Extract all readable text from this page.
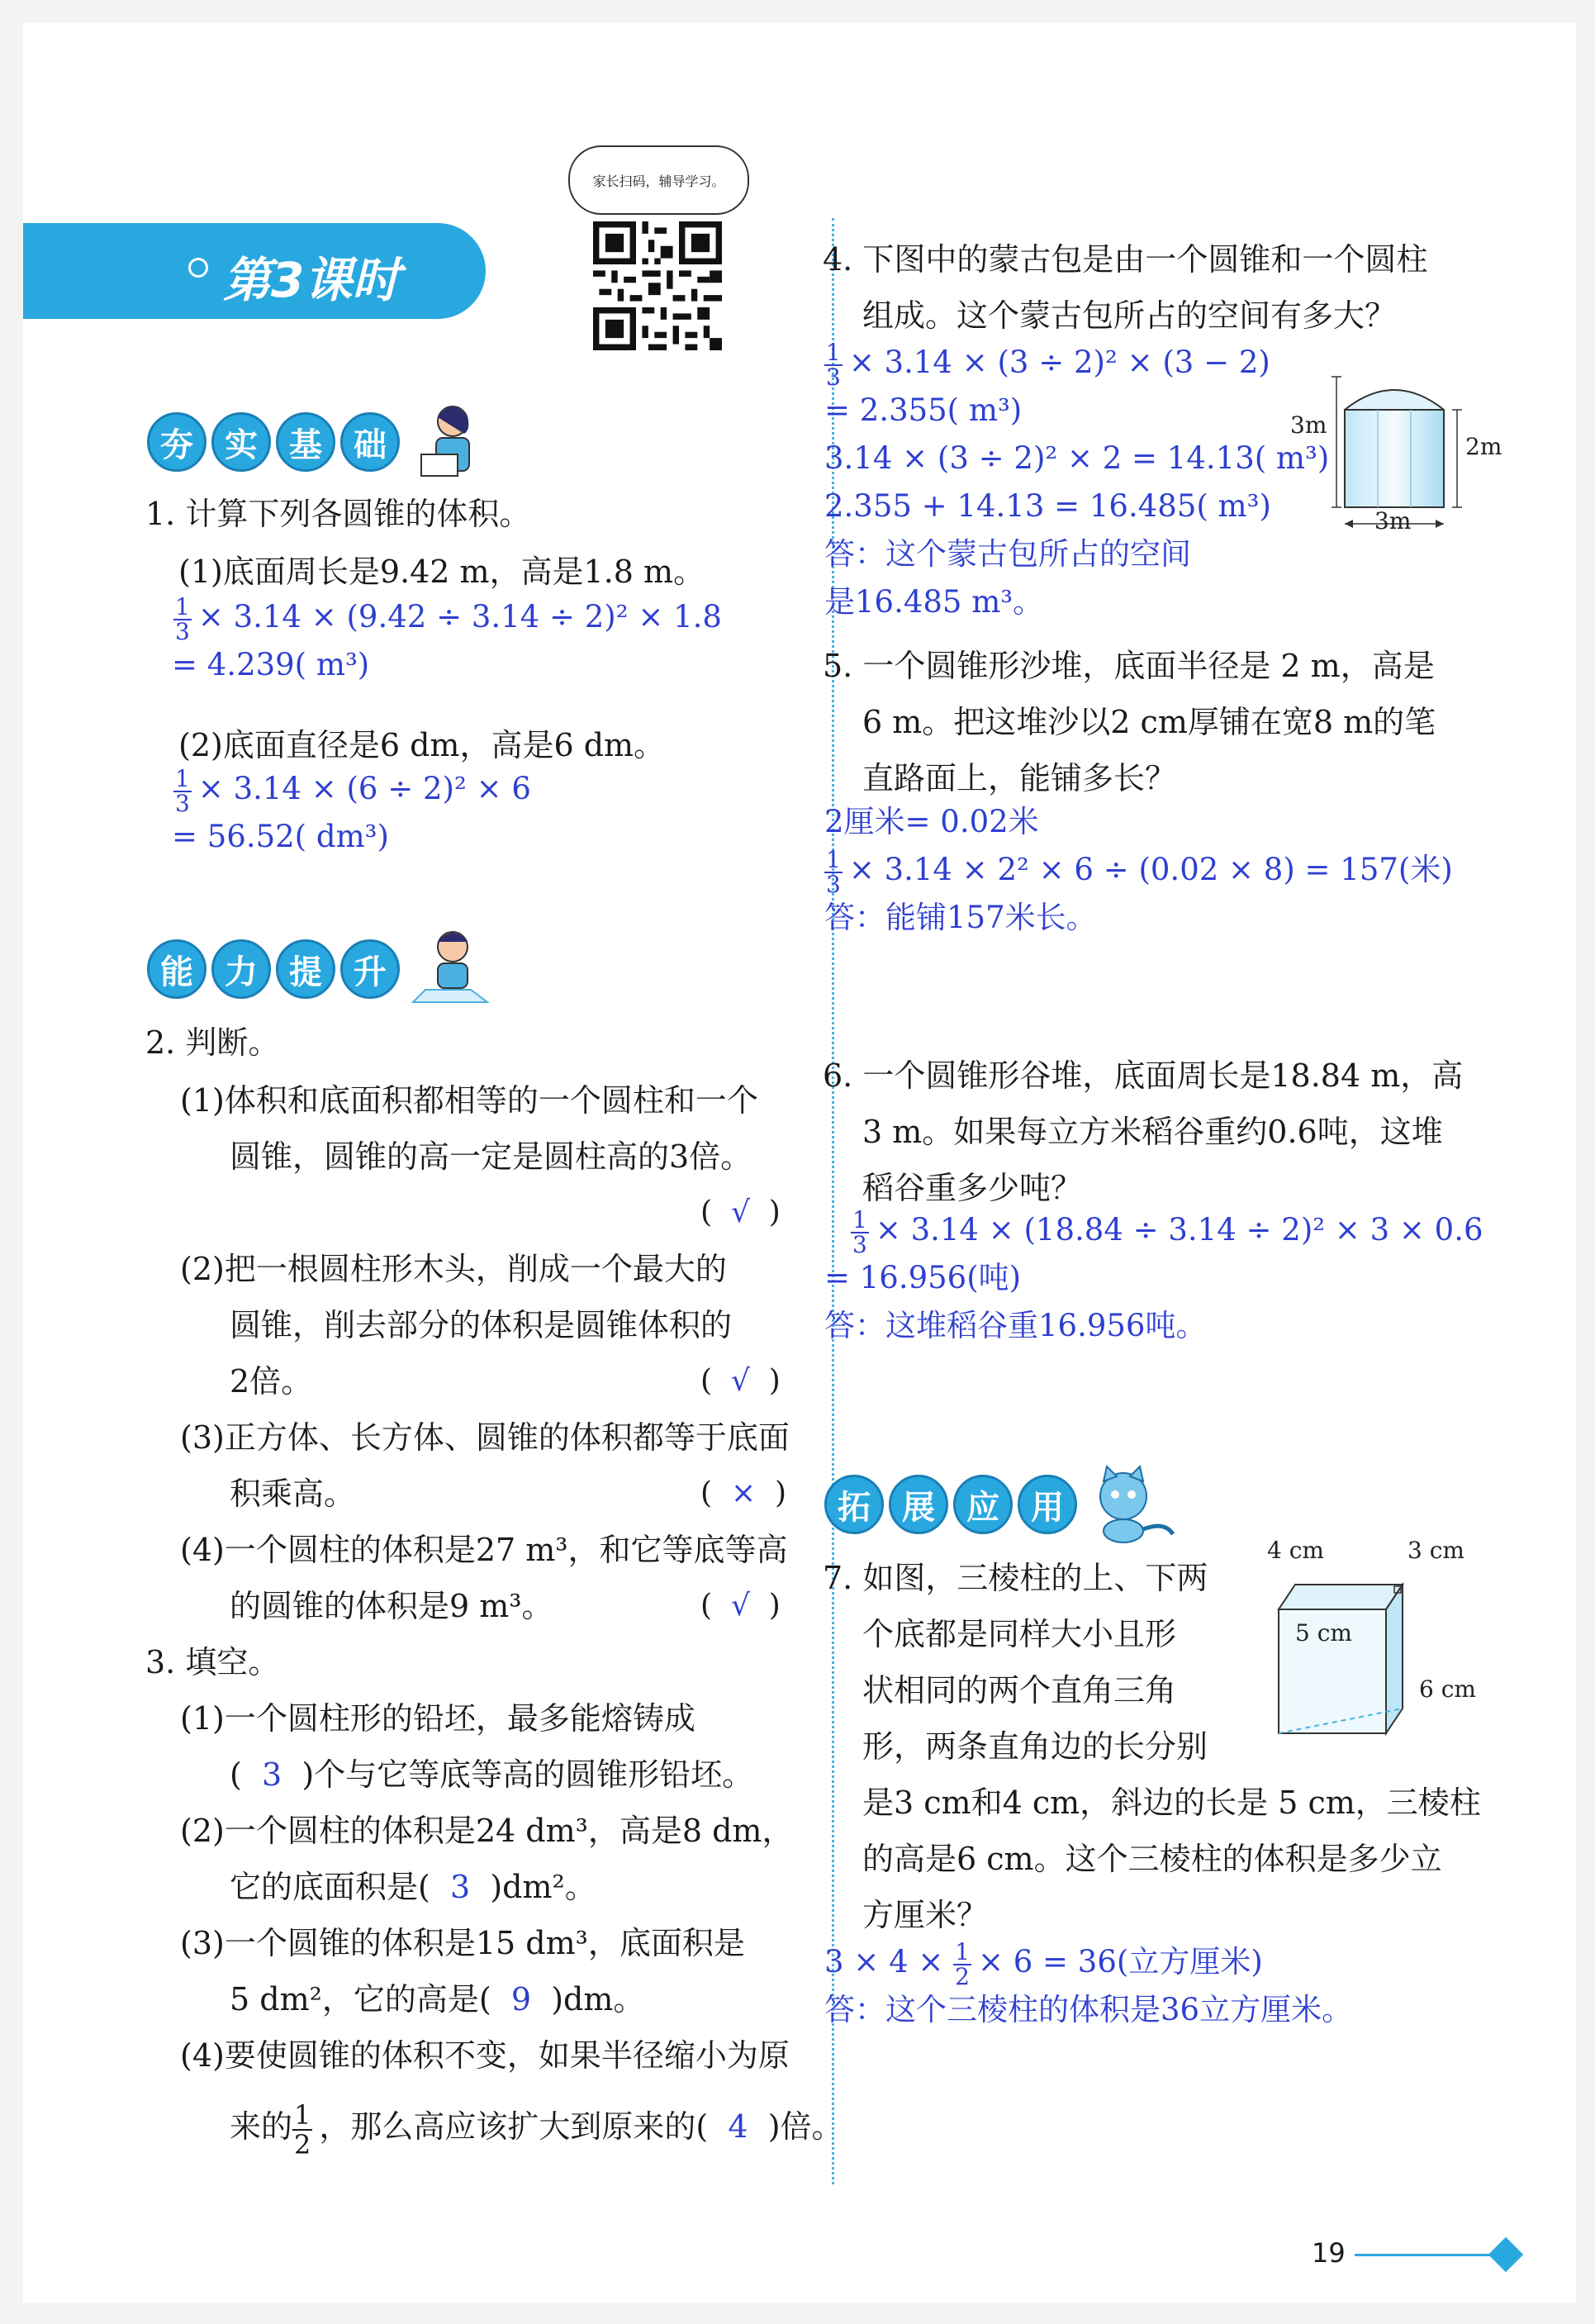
第3课时
家长扫码，辅导学习。
夯 实 基 础
1. 计算下列各圆锥的体积。
(1)底面周长是9.42 m，高是1.8 m。
$\frac{1}{3} \times 3.14 \times (9.42 \div 3.14 \div 2)^2 \times 1.8$
= 4.239( m³)
(2)底面直径是6 dm，高是6 dm。
$\frac{1}{3} \times 3.14 \times (6 \div 2)^2 \times 6$
= 56.52( dm³)
能 力 提 升
2. 判断。
(1)体积和底面积都相等的一个圆柱和一个
圆锥，圆锥的高一定是圆柱高的3倍。
(  √  )
(2)把一根圆柱形木头，削成一个最大的
圆锥，削去部分的体积是圆锥体积的
2倍。	(  √  )
(3)正方体、长方体、圆锥的体积都等于底面
积乘高。	(  ×  )
(4)一个圆柱的体积是27 m³，和它等底等高
的圆锥的体积是9 m³。	(  √  )
3. 填空。
(1)一个圆柱形的铅坯，最多能熔铸成
( 3 )个与它等底等高的圆锥形铅坯。
(2)一个圆柱的体积是24 dm³，高是8 dm，
它的底面积是( 3 )dm²。
(3)一个圆锥的体积是15 dm³，底面积是
5 dm²，它的高是( 9 )dm。
(4)要使圆锥的体积不变，如果半径缩小为原
来的 $\frac{1}{2}$ ，那么高应该扩大到原来的( 4 )倍。
4. 下图中的蒙古包是由一个圆锥和一个圆柱
组成。这个蒙古包所占的空间有多大？
$\frac{1}{3} \times 3.14 \times (3 \div 2)^2 \times (3 - 2)$
= 2.355( m³)
3.14 × (3 ÷ 2)² × 2 = 14.13( m³)
2.355 + 14.13 = 16.485( m³)
答：这个蒙古包所占的空间
是16.485 m³。
3m
2m
3m
5. 一个圆锥形沙堆，底面半径是 2 m，高是
6 m。把这堆沙以2 cm厚铺在宽8 m的笔
直路面上，能铺多长？
2厘米= 0.02米
$\frac{1}{3} \times 3.14 \times 2^2 \times 6 \div (0.02 \times 8) = 157$(米)
答：能铺157米长。
6. 一个圆锥形谷堆，底面周长是18.84 m，高
3 m。如果每立方米稻谷重约0.6吨，这堆
稻谷重多少吨？
$\frac{1}{3} \times 3.14 \times (18.84 \div 3.14 \div 2)^2 \times 3 \times 0.6$
= 16.956(吨)
答：这堆稻谷重16.956吨。
拓 展 应 用
7. 如图，三棱柱的上、下两
个底都是同样大小且形
状相同的两个直角三角
形，两条直角边的长分别
是3 cm和4 cm，斜边的长是 5 cm，三棱柱
的高是6 cm。这个三棱柱的体积是多少立
方厘米？
$3 \times 4 \times \frac{1}{2} \times 6 = 36$(立方厘米)
答：这个三棱柱的体积是36立方厘米。
4 cm	3 cm
5 cm
6 cm
19
